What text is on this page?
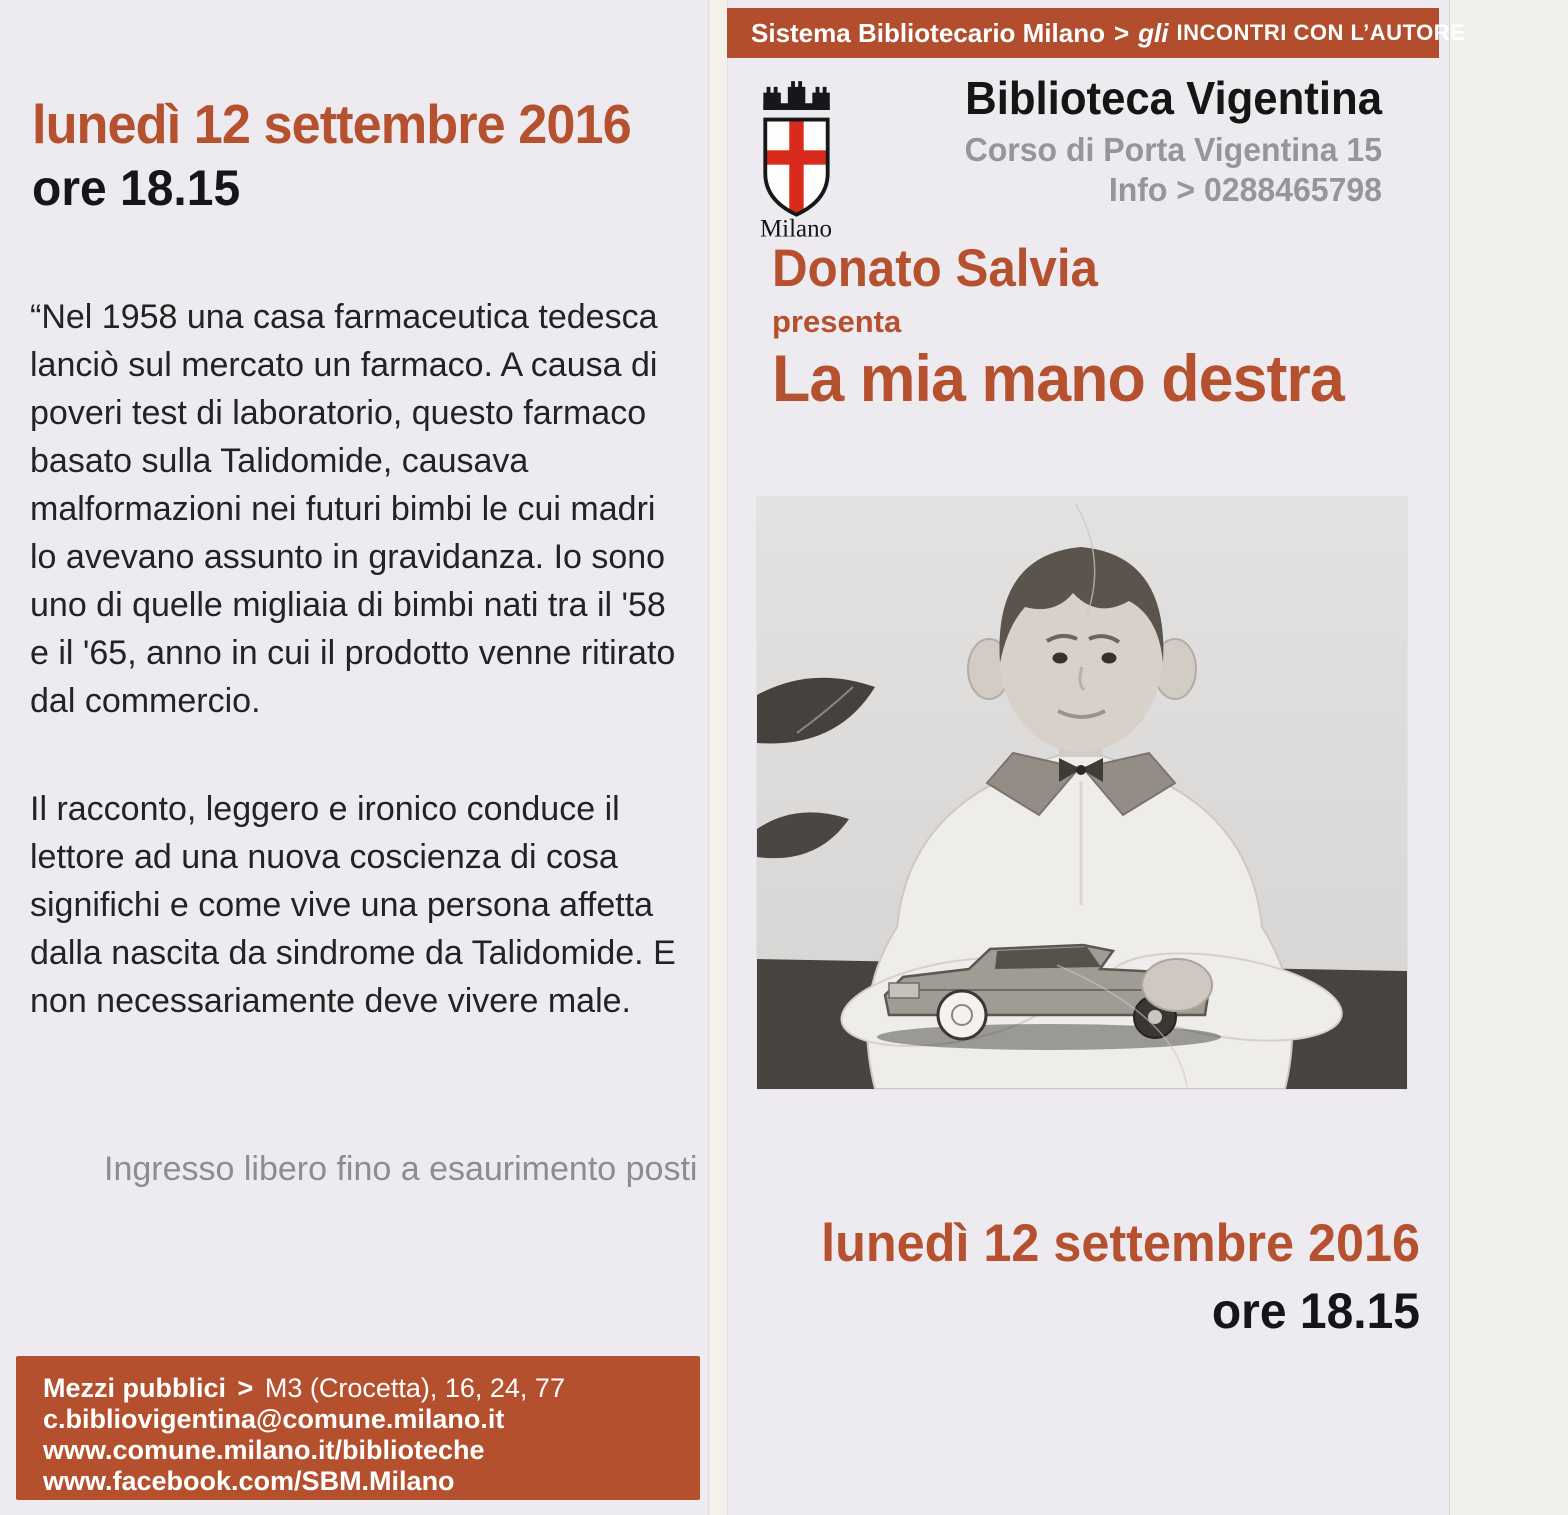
lunedì 12 settembre 2016
ore 18.15
“Nel 1958 una casa farmaceutica tedesca lanciò sul mercato un farmaco. A causa di poveri test di laboratorio, questo farmaco basato sulla Talidomide, causava malformazioni nei futuri bimbi le cui madri lo avevano assunto in gravidanza. Io sono uno di quelle migliaia di bimbi nati tra il '58 e il '65, anno in cui il prodotto venne ritirato dal commercio.
Il racconto, leggero e ironico conduce il lettore ad una nuova coscienza di cosa significhi e come vive una persona affetta dalla nascita da sindrome da Talidomide. E non necessariamente deve vivere male.
Ingresso libero fino a esaurimento posti
Mezzi pubblici > M3 (Crocetta), 16, 24, 77
c.bibliovigentina@comune.milano.it
www.comune.milano.it/biblioteche
www.facebook.com/SBM.Milano
Sistema Bibliotecario Milano > gli INCONTRI CON L’AUTORE
Milano
Biblioteca Vigentina
Corso di Porta Vigentina 15
Info > 0288465798
Donato Salvia
presenta
La mia mano destra
lunedì 12 settembre 2016
ore 18.15
